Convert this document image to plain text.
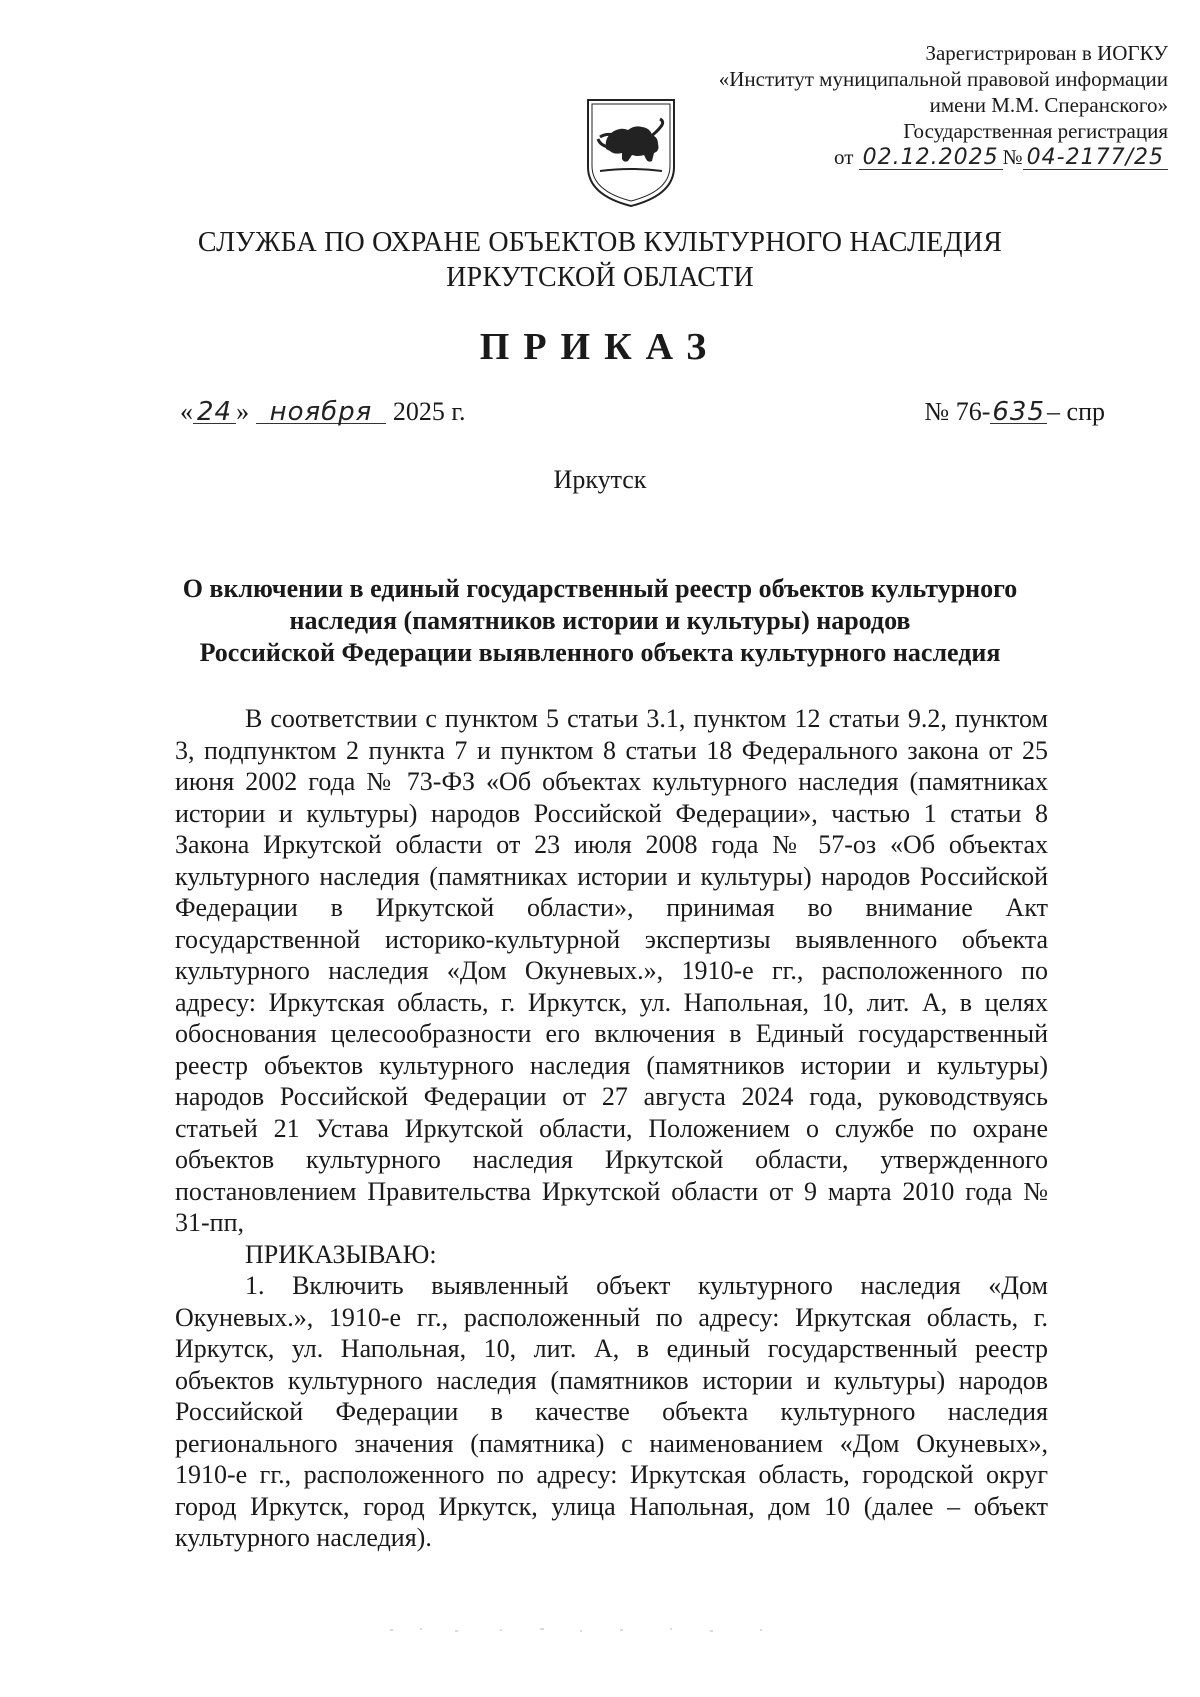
Зарегистрирован в ИОГКУ
«Институт муниципальной правовой информации
имени М.М. Сперанского»
Государственная регистрация
от 02.12.2025 № 04-2177/25
СЛУЖБА ПО ОХРАНЕ ОБЪЕКТОВ КУЛЬТУРНОГО НАСЛЕДИЯ
ИРКУТСКОЙ ОБЛАСТИ
ПРИКАЗ
« 24 » ноября 2025 г.	№ 76-635– спр
Иркутск
О включении в единый государственный реестр объектов культурного
наследия (памятников истории и культуры) народов
Российской Федерации выявленного объекта культурного наследия

В соответствии с пунктом 5 статьи 3.1, пунктом 12 статьи 9.2, пунктом 3, подпунктом 2 пункта 7 и пунктом 8 статьи 18 Федерального закона от 25 июня 2002 года № 73-ФЗ «Об объектах культурного наследия (памятниках истории и культуры) народов Российской Федерации», частью 1 статьи 8 Закона Иркутской области от 23 июля 2008 года № 57-оз «Об объектах культурного наследия (памятниках истории и культуры) народов Российской Федерации в Иркутской области», принимая во внимание Акт государственной историко-культурной экспертизы выявленного объекта культурного наследия «Дом Окуневых.», 1910-е гг., расположенного по адресу: Иркутская область, г. Иркутск, ул. Напольная, 10, лит. А, в целях обоснования целесообразности его включения в Единый государственный реестр объектов культурного наследия (памятников истории и культуры) народов Российской Федерации от 27 августа 2024 года, руководствуясь статьей 21 Устава Иркутской области, Положением о службе по охране объектов культурного наследия Иркутской области, утвержденного постановлением Правительства Иркутской области от 9 марта 2010 года № 31-пп,

ПРИКАЗЫВАЮ:

1. Включить выявленный объект культурного наследия «Дом Окуневых.», 1910-е гг., расположенный по адресу: Иркутская область, г. Иркутск, ул. Напольная, 10, лит. А, в единый государственный реестр объектов культурного наследия (памятников истории и культуры) народов Российской Федерации в качестве объекта культурного наследия регионального значения (памятника) с наименованием «Дом Окуневых», 1910-е гг., расположенного по адресу: Иркутская область, городской округ город Иркутск, город Иркутск, улица Напольная, дом 10 (далее – объект культурного наследия).
